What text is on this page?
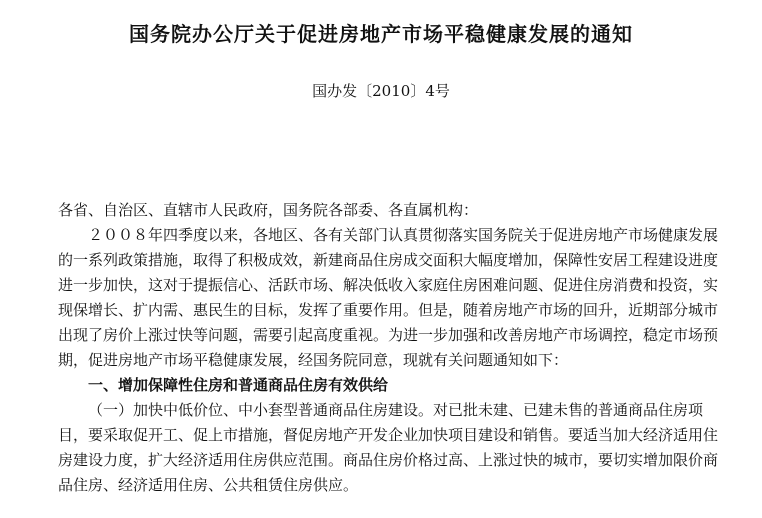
国务院办公厅关于促进房地产市场平稳健康发展的通知
国办发〔2010〕4号

各省、自治区、直辖市人民政府，国务院各部委、各直属机构：

２００８年四季度以来，各地区、各有关部门认真贯彻落实国务院关于促进房地产市场健康发展的一系列政策措施，取得了积极成效，新建商品住房成交面积大幅度增加，保障性安居工程建设进度进一步加快，这对于提振信心、活跃市场、解决低收入家庭住房困难问题、促进住房消费和投资，实现保增长、扩内需、惠民生的目标，发挥了重要作用。但是，随着房地产市场的回升，近期部分城市出现了房价上涨过快等问题，需要引起高度重视。为进一步加强和改善房地产市场调控，稳定市场预期，促进房地产市场平稳健康发展，经国务院同意，现就有关问题通知如下：

一、增加保障性住房和普通商品住房有效供给

（一）加快中低价位、中小套型普通商品住房建设。对已批未建、已建未售的普通商品住房项目，要采取促开工、促上市措施，督促房地产开发企业加快项目建设和销售。要适当加大经济适用住房建设力度，扩大经济适用住房供应范围。商品住房价格过高、上涨过快的城市，要切实增加限价商品住房、经济适用住房、公共租赁住房供应。
